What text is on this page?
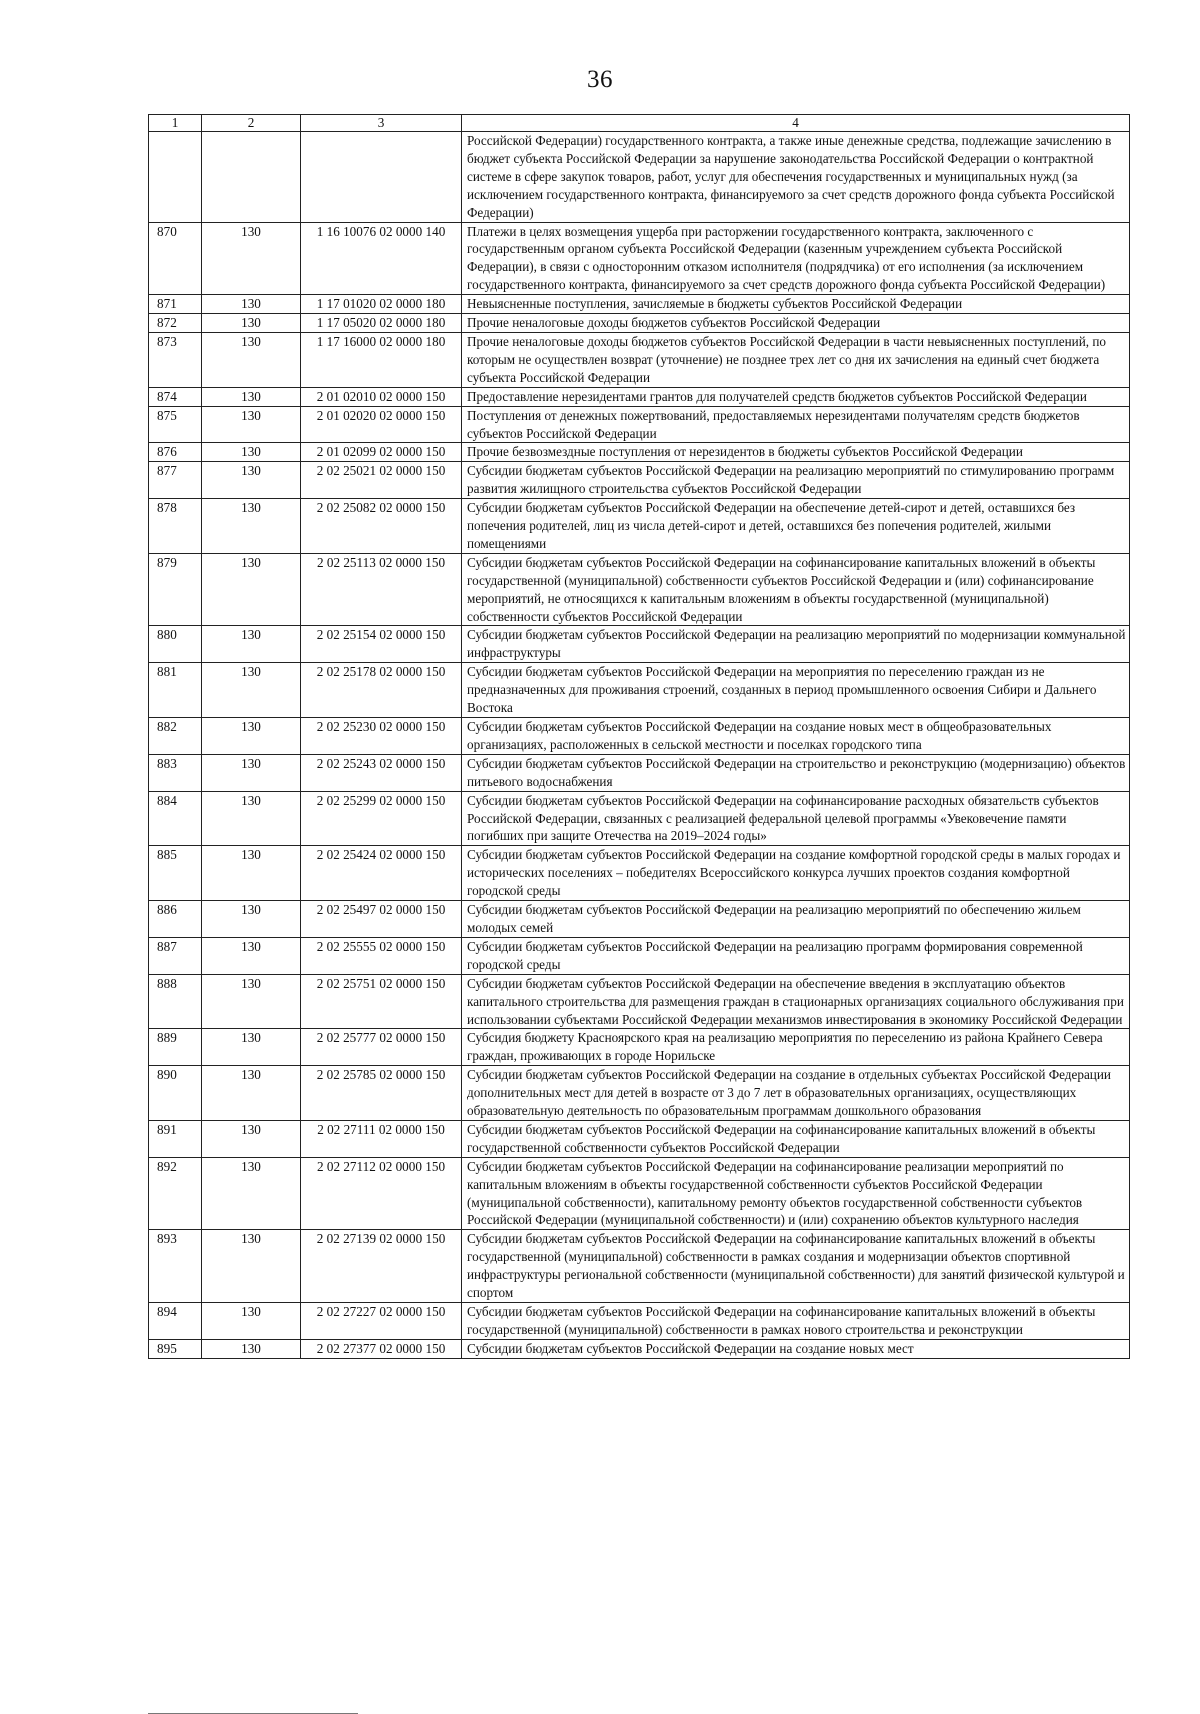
36
1	2	3	4
			Российской Федерации) государственного контракта, а также иные денежные средства, подлежащие зачислению в бюджет субъекта Российской Федерации за нарушение законодательства Российской Федерации о контрактной системе в сфере закупок товаров, работ, услуг для обеспечения государственных и муниципальных нужд (за исключением государственного контракта, финансируемого за счет средств дорожного фонда субъекта Российской Федерации)
870	130	1 16 10076 02 0000 140	Платежи в целях возмещения ущерба при расторжении государственного контракта, заключенного с государственным органом субъекта Российской Федерации (казенным учреждением субъекта Российской Федерации), в связи с односторонним отказом исполнителя (подрядчика) от его исполнения (за исключением государственного контракта, финансируемого за счет средств дорожного фонда субъекта Российской Федерации)
871	130	1 17 01020 02 0000 180	Невыясненные поступления, зачисляемые в бюджеты субъектов Российской Федерации
872	130	1 17 05020 02 0000 180	Прочие неналоговые доходы бюджетов субъектов Российской Федерации
873	130	1 17 16000 02 0000 180	Прочие неналоговые доходы бюджетов субъектов Российской Федерации в части невыясненных поступлений, по которым не осуществлен возврат (уточнение) не позднее трех лет со дня их зачисления на единый счет бюджета субъекта Российской Федерации
874	130	2 01 02010 02 0000 150	Предоставление нерезидентами грантов для получателей средств бюджетов субъектов Российской Федерации
875	130	2 01 02020 02 0000 150	Поступления от денежных пожертвований, предоставляемых нерезидентами получателям средств бюджетов субъектов Российской Федерации
876	130	2 01 02099 02 0000 150	Прочие безвозмездные поступления от нерезидентов в бюджеты субъектов Российской Федерации
877	130	2 02 25021 02 0000 150	Субсидии бюджетам субъектов Российской Федерации на реализацию мероприятий по стимулированию программ развития жилищного строительства субъектов Российской Федерации
878	130	2 02 25082 02 0000 150	Субсидии бюджетам субъектов Российской Федерации на обеспечение детей-сирот и детей, оставшихся без попечения родителей, лиц из числа детей-сирот и детей, оставшихся без попечения родителей, жилыми помещениями
879	130	2 02 25113 02 0000 150	Субсидии бюджетам субъектов Российской Федерации на софинансирование капитальных вложений в объекты государственной (муниципальной) собственности субъектов Российской Федерации и (или) софинансирование мероприятий, не относящихся к капитальным вложениям в объекты государственной (муниципальной) собственности субъектов Российской Федерации
880	130	2 02 25154 02 0000 150	Субсидии бюджетам субъектов Российской Федерации на реализацию мероприятий по модернизации коммунальной инфраструктуры
881	130	2 02 25178 02 0000 150	Субсидии бюджетам субъектов Российской Федерации на мероприятия по переселению граждан из не предназначенных для проживания строений, созданных в период промышленного освоения Сибири и Дальнего Востока
882	130	2 02 25230 02 0000 150	Субсидии бюджетам субъектов Российской Федерации на создание новых мест в общеобразовательных организациях, расположенных в сельской местности и поселках городского типа
883	130	2 02 25243 02 0000 150	Субсидии бюджетам субъектов Российской Федерации на строительство и реконструкцию (модернизацию) объектов питьевого водоснабжения
884	130	2 02 25299 02 0000 150	Субсидии бюджетам субъектов Российской Федерации на софинансирование расходных обязательств субъектов Российской Федерации, связанных с реализацией федеральной целевой программы «Увековечение памяти погибших при защите Отечества на 2019–2024 годы»
885	130	2 02 25424 02 0000 150	Субсидии бюджетам субъектов Российской Федерации на создание комфортной городской среды в малых городах и исторических поселениях – победителях Всероссийского конкурса лучших проектов создания комфортной городской среды
886	130	2 02 25497 02 0000 150	Субсидии бюджетам субъектов Российской Федерации на реализацию мероприятий по обеспечению жильем молодых семей
887	130	2 02 25555 02 0000 150	Субсидии бюджетам субъектов Российской Федерации на реализацию программ формирования современной городской среды
888	130	2 02 25751 02 0000 150	Субсидии бюджетам субъектов Российской Федерации на обеспечение введения в эксплуатацию объектов капитального строительства для размещения граждан в стационарных организациях социального обслуживания при использовании субъектами Российской Федерации механизмов инвестирования в экономику Российской Федерации
889	130	2 02 25777 02 0000 150	Субсидия бюджету Красноярского края на реализацию мероприятия по переселению из района Крайнего Севера граждан, проживающих в городе Норильске
890	130	2 02 25785 02 0000 150	Субсидии бюджетам субъектов Российской Федерации на создание в отдельных субъектах Российской Федерации дополнительных мест для детей в возрасте от 3 до 7 лет в образовательных организациях, осуществляющих образовательную деятельность по образовательным программам дошкольного образования
891	130	2 02 27111 02 0000 150	Субсидии бюджетам субъектов Российской Федерации на софинансирование капитальных вложений в объекты государственной собственности субъектов Российской Федерации
892	130	2 02 27112 02 0000 150	Субсидии бюджетам субъектов Российской Федерации на софинансирование реализации мероприятий по капитальным вложениям в объекты государственной собственности субъектов Российской Федерации (муниципальной собственности), капитальному ремонту объектов государственной собственности субъектов Российской Федерации (муниципальной собственности) и (или) сохранению объектов культурного наследия
893	130	2 02 27139 02 0000 150	Субсидии бюджетам субъектов Российской Федерации на софинансирование капитальных вложений в объекты государственной (муниципальной) собственности в рамках создания и модернизации объектов спортивной инфраструктуры региональной собственности (муниципальной собственности) для занятий физической культурой и спортом
894	130	2 02 27227 02 0000 150	Субсидии бюджетам субъектов Российской Федерации на софинансирование капитальных вложений в объекты государственной (муниципальной) собственности в рамках нового строительства и реконструкции
895	130	2 02 27377 02 0000 150	Субсидии бюджетам субъектов Российской Федерации на создание новых мест
